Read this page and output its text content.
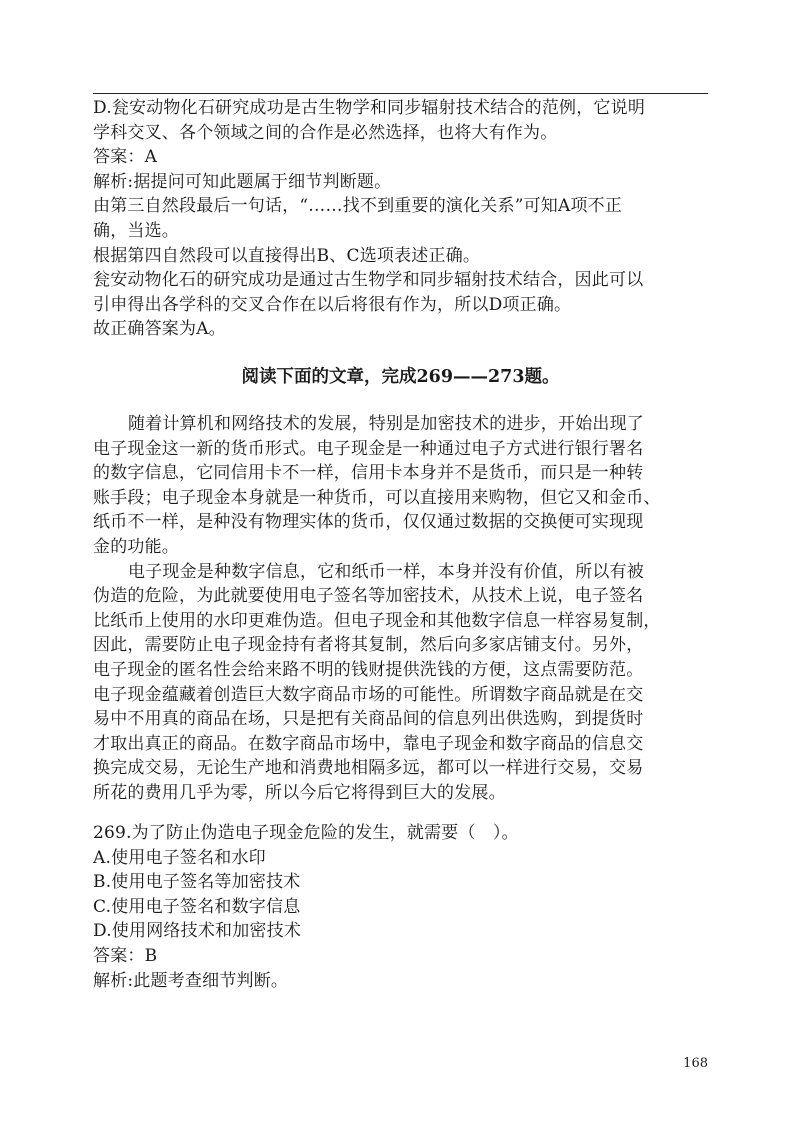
D.瓮安动物化石研究成功是古生物学和同步辐射技术结合的范例，它说明
学科交叉、各个领域之间的合作是必然选择，也将大有作为。
答案：A
解析:据提问可知此题属于细节判断题。
由第三自然段最后一句话，“……找不到重要的演化关系”可知A项不正
确，当选。
根据第四自然段可以直接得出B、C选项表述正确。
瓮安动物化石的研究成功是通过古生物学和同步辐射技术结合，因此可以
引申得出各学科的交叉合作在以后将很有作为，所以D项正确。
故正确答案为A。
阅读下面的文章，完成269——273题。
随着计算机和网络技术的发展，特别是加密技术的进步，开始出现了
电子现金这一新的货币形式。电子现金是一种通过电子方式进行银行署名
的数字信息，它同信用卡不一样，信用卡本身并不是货币，而只是一种转
账手段；电子现金本身就是一种货币，可以直接用来购物，但它又和金币、
纸币不一样，是种没有物理实体的货币，仅仅通过数据的交换便可实现现
金的功能。
电子现金是种数字信息，它和纸币一样，本身并没有价值，所以有被
伪造的危险，为此就要使用电子签名等加密技术，从技术上说，电子签名
比纸币上使用的水印更难伪造。但电子现金和其他数字信息一样容易复制，
因此，需要防止电子现金持有者将其复制，然后向多家店铺支付。另外，
电子现金的匿名性会给来路不明的钱财提供洗钱的方便，这点需要防范。
电子现金蕴藏着创造巨大数字商品市场的可能性。所谓数字商品就是在交
易中不用真的商品在场，只是把有关商品间的信息列出供选购，到提货时
才取出真正的商品。在数字商品市场中，靠电子现金和数字商品的信息交
换完成交易，无论生产地和消费地相隔多远，都可以一样进行交易，交易
所花的费用几乎为零，所以今后它将得到巨大的发展。
269.为了防止伪造电子现金危险的发生，就需要（　）。
A.使用电子签名和水印
B.使用电子签名等加密技术
C.使用电子签名和数字信息
D.使用网络技术和加密技术
答案：B
解析:此题考查细节判断。
168
